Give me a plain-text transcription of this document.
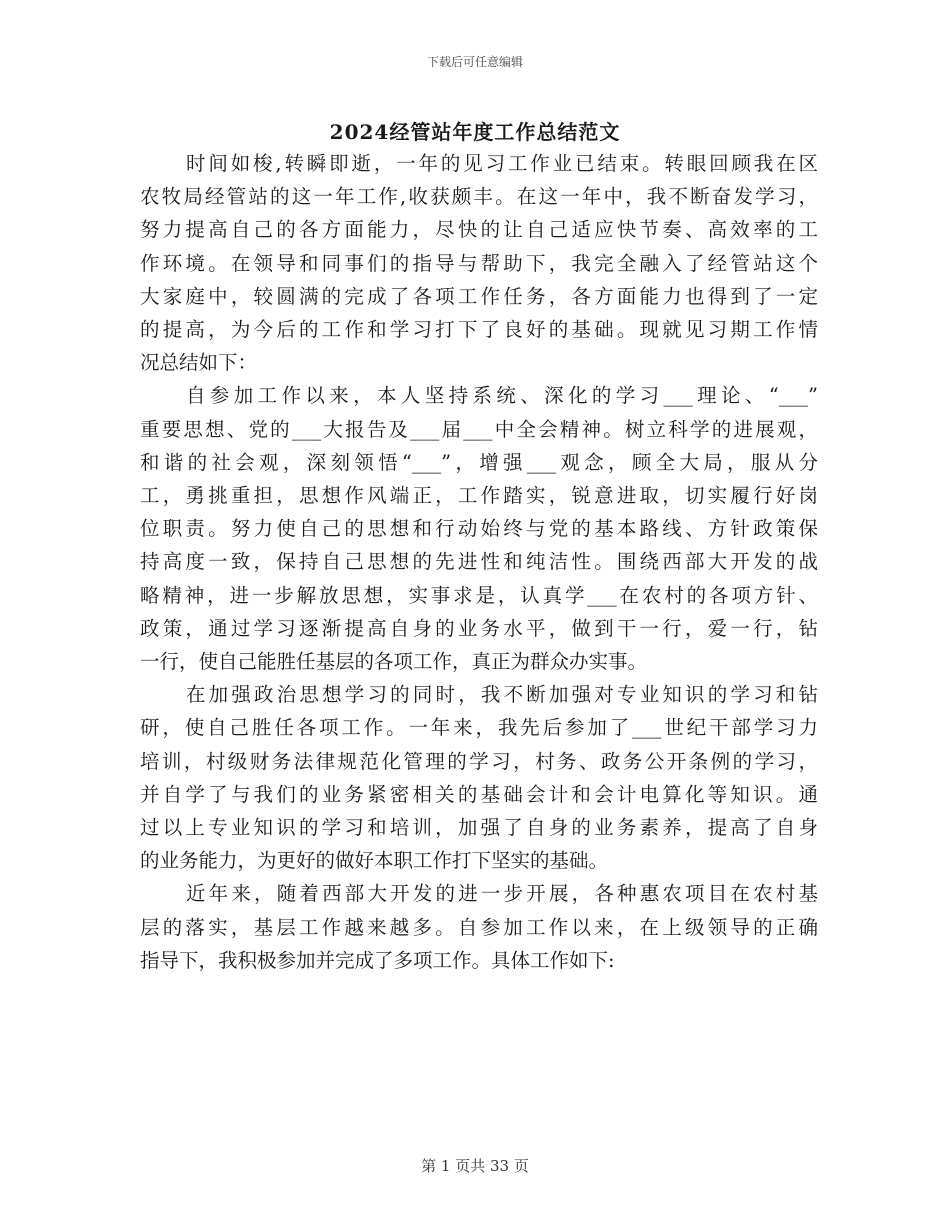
下载后可任意编辑
2024经管站年度工作总结范文

时间如梭,转瞬即逝，一年的见习工作业已结束。转眼回顾我在区
农牧局经管站的这一年工作,收获颇丰。在这一年中，我不断奋发学习，
努力提高自己的各方面能力，尽快的让自己适应快节奏、高效率的工
作环境。在领导和同事们的指导与帮助下，我完全融入了经管站这个
大家庭中，较圆满的完成了各项工作任务，各方面能力也得到了一定
的提高，为今后的工作和学习打下了良好的基础。现就见习期工作情
况总结如下：

自参加工作以来，本人坚持系统、深化的学习___理论、“___”
重要思想、党的___大报告及___届___中全会精神。树立科学的进展观，
和谐的社会观，深刻领悟“___”，增强___观念，顾全大局，服从分
工，勇挑重担，思想作风端正，工作踏实，锐意进取，切实履行好岗
位职责。努力使自己的思想和行动始终与党的基本路线、方针政策保
持高度一致，保持自己思想的先进性和纯洁性。围绕西部大开发的战
略精神，进一步解放思想，实事求是，认真学___在农村的各项方针、
政策，通过学习逐渐提高自身的业务水平，做到干一行，爱一行，钻
一行，使自己能胜任基层的各项工作，真正为群众办实事。

在加强政治思想学习的同时，我不断加强对专业知识的学习和钻
研，使自己胜任各项工作。一年来，我先后参加了___世纪干部学习力
培训，村级财务法律规范化管理的学习，村务、政务公开条例的学习，
并自学了与我们的业务紧密相关的基础会计和会计电算化等知识。通
过以上专业知识的学习和培训，加强了自身的业务素养，提高了自身
的业务能力，为更好的做好本职工作打下坚实的基础。

近年来，随着西部大开发的进一步开展，各种惠农项目在农村基
层的落实，基层工作越来越多。自参加工作以来，在上级领导的正确
指导下，我积极参加并完成了多项工作。具体工作如下:

第 1 页共 33 页
